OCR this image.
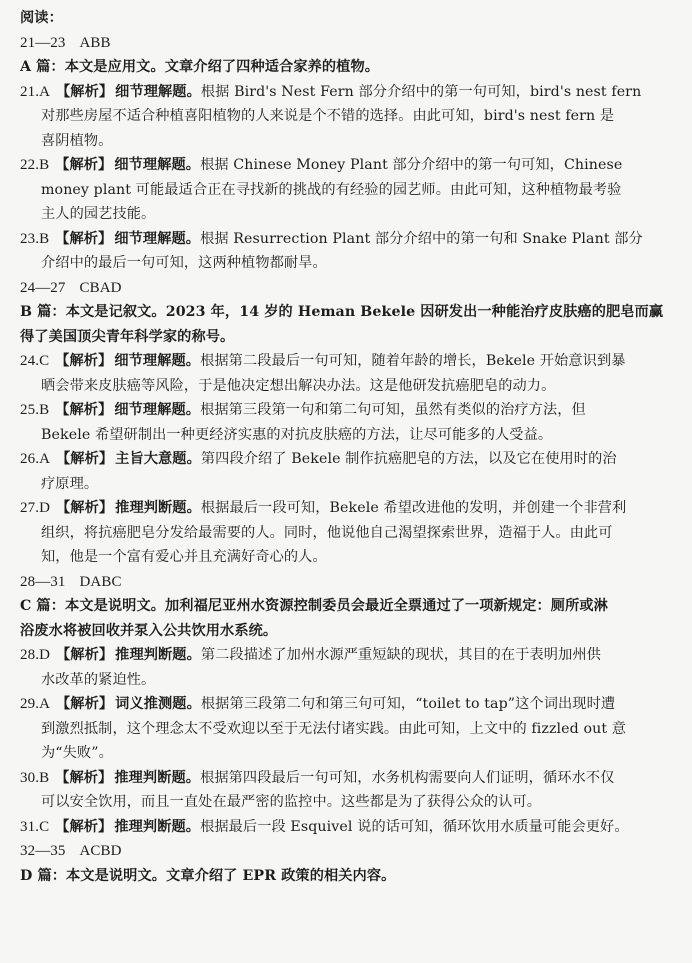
阅读：
21—23 ABB
A 篇：本文是应用文。文章介绍了四种适合家养的植物。
21.A 【解析】 细节理解题。根据 Bird's Nest Fern 部分介绍中的第一句可知，bird's nest fern
对那些房屋不适合种植喜阳植物的人来说是个不错的选择。由此可知，bird's nest fern 是
喜阴植物。
22.B 【解析】 细节理解题。根据 Chinese Money Plant 部分介绍中的第一句可知，Chinese
money plant 可能最适合正在寻找新的挑战的有经验的园艺师。由此可知，这种植物最考验
主人的园艺技能。
23.B 【解析】 细节理解题。根据 Resurrection Plant 部分介绍中的第一句和 Snake Plant 部分
介绍中的最后一句可知，这两种植物都耐旱。
24—27 CBAD
B 篇：本文是记叙文。2023 年，14 岁的 Heman Bekele 因研发出一种能治疗皮肤癌的肥皂而赢
得了美国顶尖青年科学家的称号。
24.C 【解析】 细节理解题。根据第二段最后一句可知，随着年龄的增长，Bekele 开始意识到暴
晒会带来皮肤癌等风险，于是他决定想出解决办法。这是他研发抗癌肥皂的动力。
25.B 【解析】 细节理解题。根据第三段第一句和第二句可知，虽然有类似的治疗方法，但
Bekele 希望研制出一种更经济实惠的对抗皮肤癌的方法，让尽可能多的人受益。
26.A 【解析】 主旨大意题。第四段介绍了 Bekele 制作抗癌肥皂的方法，以及它在使用时的治
疗原理。
27.D 【解析】 推理判断题。根据最后一段可知，Bekele 希望改进他的发明，并创建一个非营利
组织，将抗癌肥皂分发给最需要的人。同时，他说他自己渴望探索世界，造福于人。由此可
知，他是一个富有爱心并且充满好奇心的人。
28—31 DABC
C 篇：本文是说明文。加利福尼亚州水资源控制委员会最近全票通过了一项新规定：厕所或淋
浴废水将被回收并泵入公共饮用水系统。
28.D 【解析】 推理判断题。第二段描述了加州水源严重短缺的现状，其目的在于表明加州供
水改革的紧迫性。
29.A 【解析】 词义推测题。根据第三段第二句和第三句可知，“toilet to tap”这个词出现时遭
到激烈抵制，这个理念太不受欢迎以至于无法付诸实践。由此可知，上文中的 fizzled out 意
为“失败”。
30.B 【解析】 推理判断题。根据第四段最后一句可知，水务机构需要向人们证明，循环水不仅
可以安全饮用，而且一直处在最严密的监控中。这些都是为了获得公众的认可。
31.C 【解析】 推理判断题。根据最后一段 Esquivel 说的话可知，循环饮用水质量可能会更好。
32—35 ACBD
D 篇：本文是说明文。文章介绍了 EPR 政策的相关内容。
